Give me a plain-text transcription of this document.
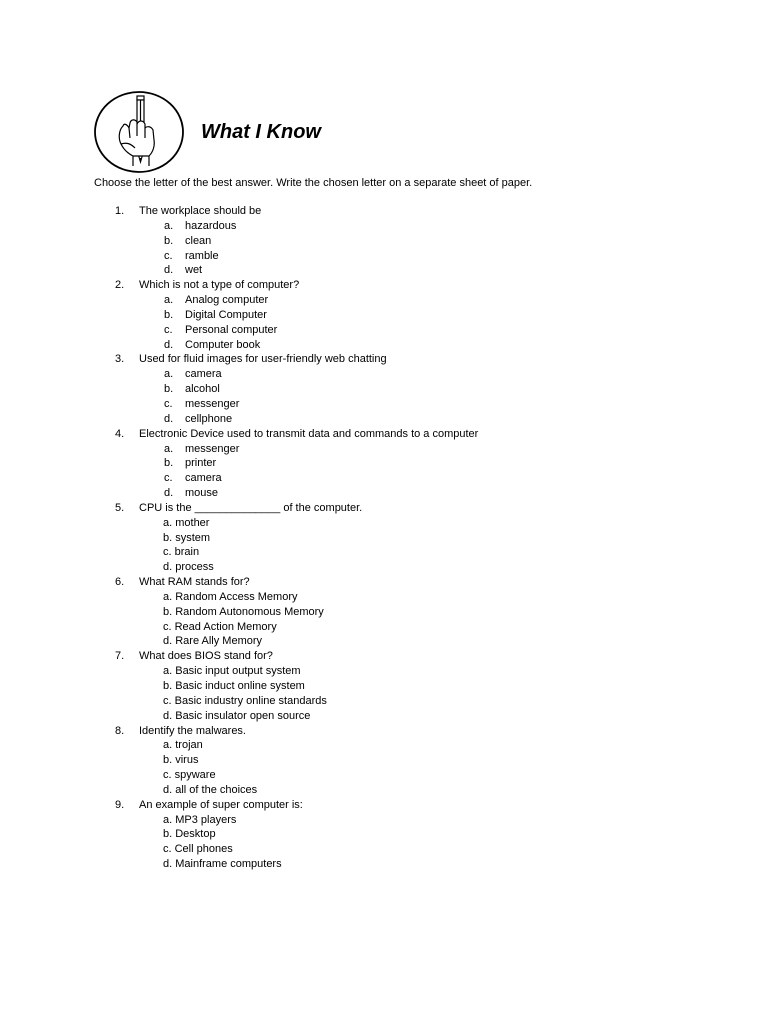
What I Know
Choose the letter of the best answer. Write the chosen letter on a separate sheet of paper.
1. The workplace should be
a. hazardous
b. clean
c. ramble
d. wet
2. Which is not a type of computer?
a. Analog computer
b. Digital Computer
c. Personal computer
d. Computer book
3. Used for fluid images for user-friendly web chatting
a. camera
b. alcohol
c. messenger
d. cellphone
4. Electronic Device used to transmit data and commands to a computer
a. messenger
b. printer
c. camera
d. mouse
5. CPU is the ______________ of the computer.
a. mother
b. system
c. brain
d. process
6. What RAM stands for?
a. Random Access Memory
b. Random Autonomous Memory
c. Read Action Memory
d. Rare Ally Memory
7. What does BIOS stand for?
a. Basic input output system
b. Basic induct online system
c. Basic industry online standards
d. Basic insulator open source
8. Identify the malwares.
a. trojan
b. virus
c. spyware
d. all of the choices
9. An example of super computer is:
a. MP3 players
b. Desktop
c. Cell phones
d. Mainframe computers
